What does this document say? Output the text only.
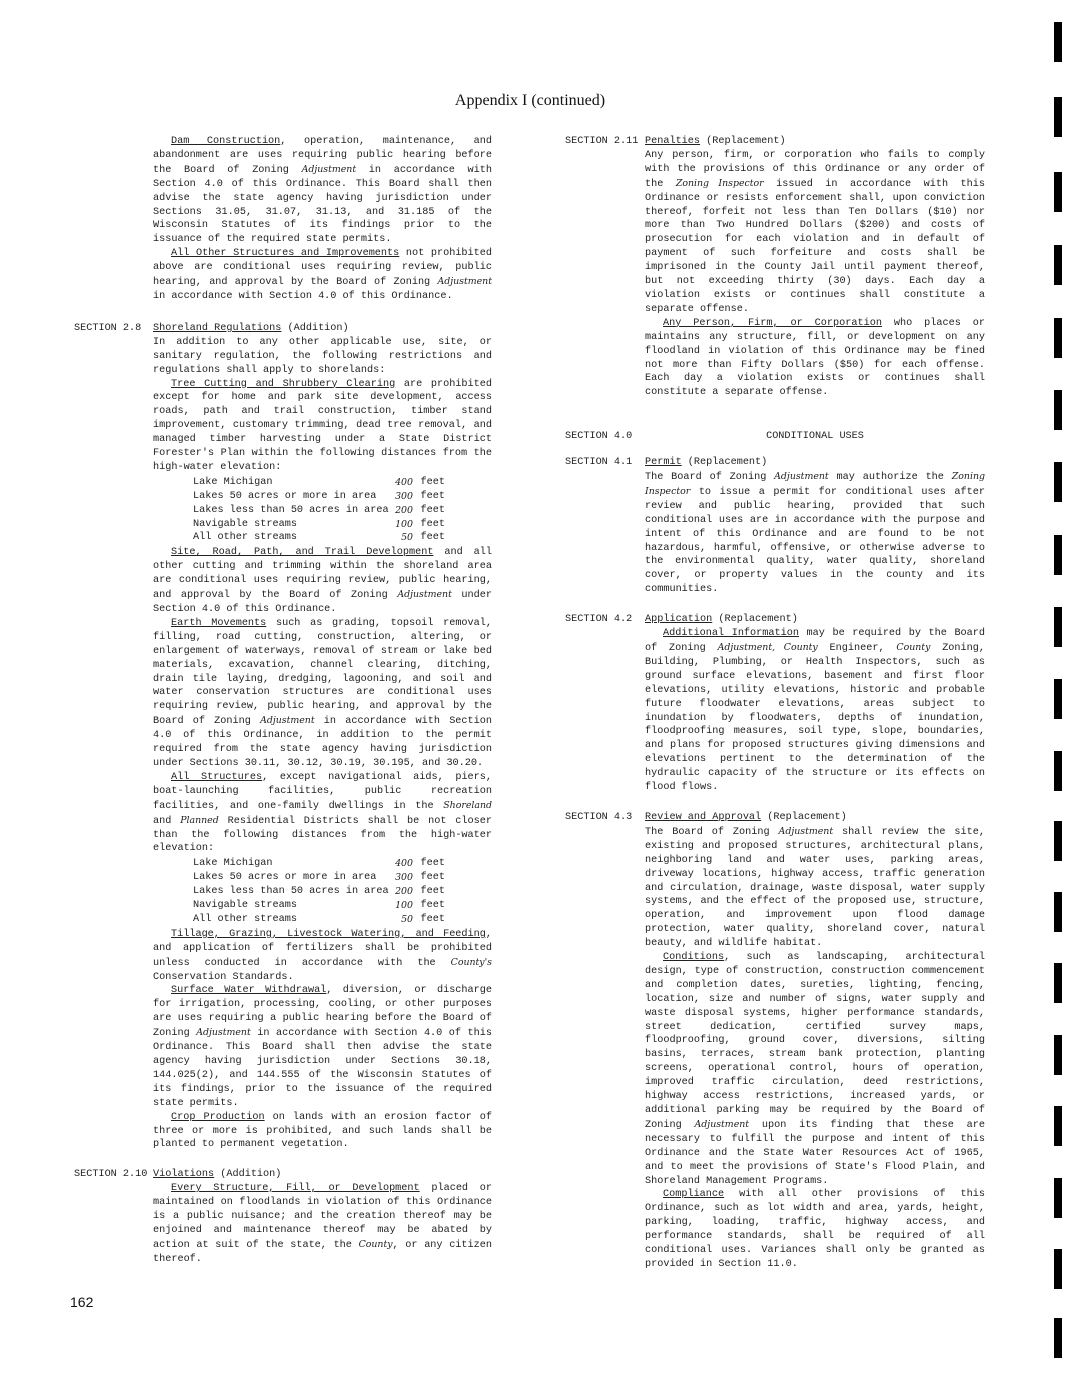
Appendix I (continued)

Dam Construction, operation, maintenance, and abandonment are uses requiring public hearing before the Board of Zoning Adjustment in accordance with Section 4.0 of this Ordinance. This Board shall then advise the state agency having jurisdiction under Sections 31.05, 31.07, 31.13, and 31.185 of the Wisconsin Statutes of its findings prior to the issuance of the required state permits.

All Other Structures and Improvements not prohibited above are conditional uses requiring review, public hearing, and approval by the Board of Zoning Adjustment in accordance with Section 4.0 of this Ordinance.

SECTION 2.8 Shoreland Regulations (Addition)

In addition to any other applicable use, site, or sanitary regulation, the following restrictions and regulations shall apply to shorelands:

Tree Cutting and Shrubbery Clearing are prohibited except for home and park site development, access roads, path and trail construction, timber stand improvement, customary trimming, dead tree removal, and managed timber harvesting under a State District Forester's Plan within the following distances from the high-water elevation:

Lake Michigan	400 feet
Lakes 50 acres or more in area	300 feet
Lakes less than 50 acres in area 200 feet
Navigable streams	100 feet
All other streams	50 feet

Site, Road, Path, and Trail Development and all other cutting and trimming within the shoreland area are conditional uses requiring review, public hearing, and approval by the Board of Zoning Adjustment under Section 4.0 of this Ordinance.

Earth Movements such as grading, topsoil removal, filling, road cutting, construction, altering, or enlargement of waterways, removal of stream or lake bed materials, excavation, channel clearing, ditching, drain tile laying, dredging, lagooning, and soil and water conservation structures are conditional uses requiring review, public hearing, and approval by the Board of Zoning Adjustment in accordance with Section 4.0 of this Ordinance, in addition to the permit required from the state agency having jurisdiction under Sections 30.11, 30.12, 30.19, 30.195, and 30.20.

All Structures, except navigational aids, piers, boat-launching facilities, public recreation facilities, and one-family dwellings in the Shoreland and Planned Residential Districts shall be not closer than the following distances from the high-water elevation:

Lake Michigan	400 feet
Lakes 50 acres or more in area	300 feet
Lakes less than 50 acres in area 200 feet
Navigable streams	100 feet
All other streams	50 feet

Tillage, Grazing, Livestock Watering, and Feeding, and application of fertilizers shall be prohibited unless conducted in accordance with the County's Conservation Standards.

Surface Water Withdrawal, diversion, or discharge for irrigation, processing, cooling, or other purposes are uses requiring a public hearing before the Board of Zoning Adjustment in accordance with Section 4.0 of this Ordinance. This Board shall then advise the state agency having jurisdiction under Sections 30.18, 144.025(2), and 144.555 of the Wisconsin Statutes of its findings, prior to the issuance of the required state permits.

Crop Production on lands with an erosion factor of three or more is prohibited, and such lands shall be planted to permanent vegetation.

SECTION 2.10 Violations (Addition)

Every Structure, Fill, or Development placed or maintained on floodlands in violation of this Ordinance is a public nuisance; and the creation thereof may be enjoined and maintenance thereof may be abated by action at suit of the state, the County, or any citizen thereof.

SECTION 2.11 Penalties (Replacement)

Any person, firm, or corporation who fails to comply with the provisions of this Ordinance or any order of the Zoning Inspector issued in accordance with this Ordinance or resists enforcement shall, upon conviction thereof, forfeit not less than Ten Dollars ($10) nor more than Two Hundred Dollars ($200) and costs of prosecution for each violation and in default of payment of such forfeiture and costs shall be imprisoned in the County Jail until payment thereof, but not exceeding thirty (30) days. Each day a violation exists or continues shall constitute a separate offense.

Any Person, Firm, or Corporation who places or maintains any structure, fill, or development on any floodland in violation of this Ordinance may be fined not more than Fifty Dollars ($50) for each offense. Each day a violation exists or continues shall constitute a separate offense.

SECTION 4.0	CONDITIONAL USES
SECTION 4.1 Permit (Replacement)

The Board of Zoning Adjustment may authorize the Zoning Inspector to issue a permit for conditional uses after review and public hearing, provided that such conditional uses are in accordance with the purpose and intent of this Ordinance and are found to be not hazardous, harmful, offensive, or otherwise adverse to the environmental quality, water quality, shoreland cover, or property values in the county and its communities.

SECTION 4.2 Application (Replacement)

Additional Information may be required by the Board of Zoning Adjustment, County Engineer, County Zoning, Building, Plumbing, or Health Inspectors, such as ground surface elevations, basement and first floor elevations, utility elevations, historic and probable future floodwater elevations, areas subject to inundation by floodwaters, depths of inundation, floodproofing measures, soil type, slope, boundaries, and plans for proposed structures giving dimensions and elevations pertinent to the determination of the hydraulic capacity of the structure or its effects on flood flows.

SECTION 4.3 Review and Approval (Replacement)

The Board of Zoning Adjustment shall review the site, existing and proposed structures, architectural plans, neighboring land and water uses, parking areas, driveway locations, highway access, traffic generation and circulation, drainage, waste disposal, water supply systems, and the effect of the proposed use, structure, operation, and improvement upon flood damage protection, water quality, shoreland cover, natural beauty, and wildlife habitat.

Conditions, such as landscaping, architectural design, type of construction, construction commencement and completion dates, sureties, lighting, fencing, location, size and number of signs, water supply and waste disposal systems, higher performance standards, street dedication, certified survey maps, floodproofing, ground cover, diversions, silting basins, terraces, stream bank protection, planting screens, operational control, hours of operation, improved traffic circulation, deed restrictions, highway access restrictions, increased yards, or additional parking may be required by the Board of Zoning Adjustment upon its finding that these are necessary to fulfill the purpose and intent of this Ordinance and the State Water Resources Act of 1965, and to meet the provisions of State's Flood Plain, and Shoreland Management Programs.

Compliance with all other provisions of this Ordinance, such as lot width and area, yards, height, parking, loading, traffic, highway access, and performance standards, shall be required of all conditional uses. Variances shall only be granted as provided in Section 11.0.

162
